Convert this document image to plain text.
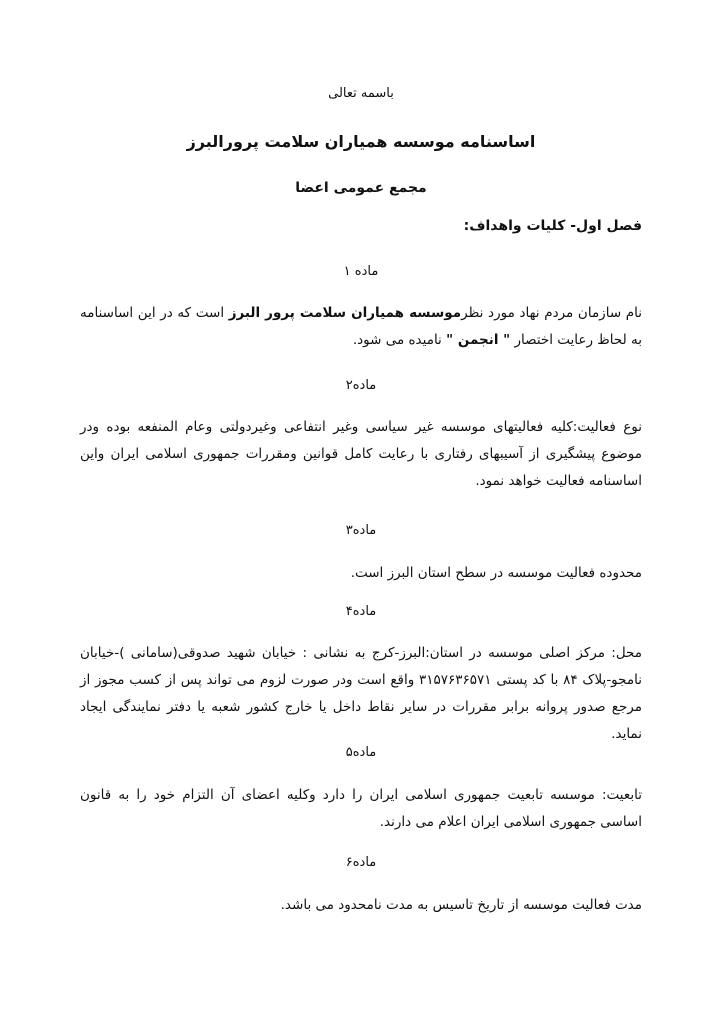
باسمه تعالی
اساسنامه موسسه همیاران سلامت پرورالبرز
مجمع عمومی اعضا
فصل اول- کلیات واهداف:
ماده ۱
نام سازمان مردم نهاد مورد نظرموسسه همیاران سلامت پرور البرز است که در این اساسنامه به لحاظ رعایت اختصار " انجمن " نامیده می شود.
ماده۲
نوع فعالیت:کلیه فعالیتهای موسسه غیر سیاسی وغیر انتفاعی وغیردولتی وعام المنفعه بوده ودر موضوع پیشگیری از آسیبهای رفتاری با رعایت کامل قوانین ومقررات جمهوری اسلامی ایران واین اساسنامه فعالیت خواهد نمود.
ماده۳
محدوده فعالیت موسسه در سطح استان البرز است.
ماده۴
محل: مرکز اصلی موسسه در استان:البرز-کرج به نشانی : خیابان شهید صدوقی(سامانی )-خیابان نامجو-پلاک ۸۴ با کد پستی ۳۱۵۷۶۳۶۵۷۱ واقع است ودر صورت لزوم می تواند پس از کسب مجوز از مرجع صدور پروانه برابر مقررات در سایر نقاط داخل یا خارج کشور شعبه یا دفتر نمایندگی ایجاد نماید.
ماده۵
تابعیت: موسسه تابعیت جمهوری اسلامی ایران را دارد وکلیه اعضای آن التزام خود را به قانون اساسی جمهوری اسلامی ایران اعلام می دارند.
ماده۶
مدت فعالیت موسسه از تاریخ تاسیس به مدت نامحدود می باشد.
